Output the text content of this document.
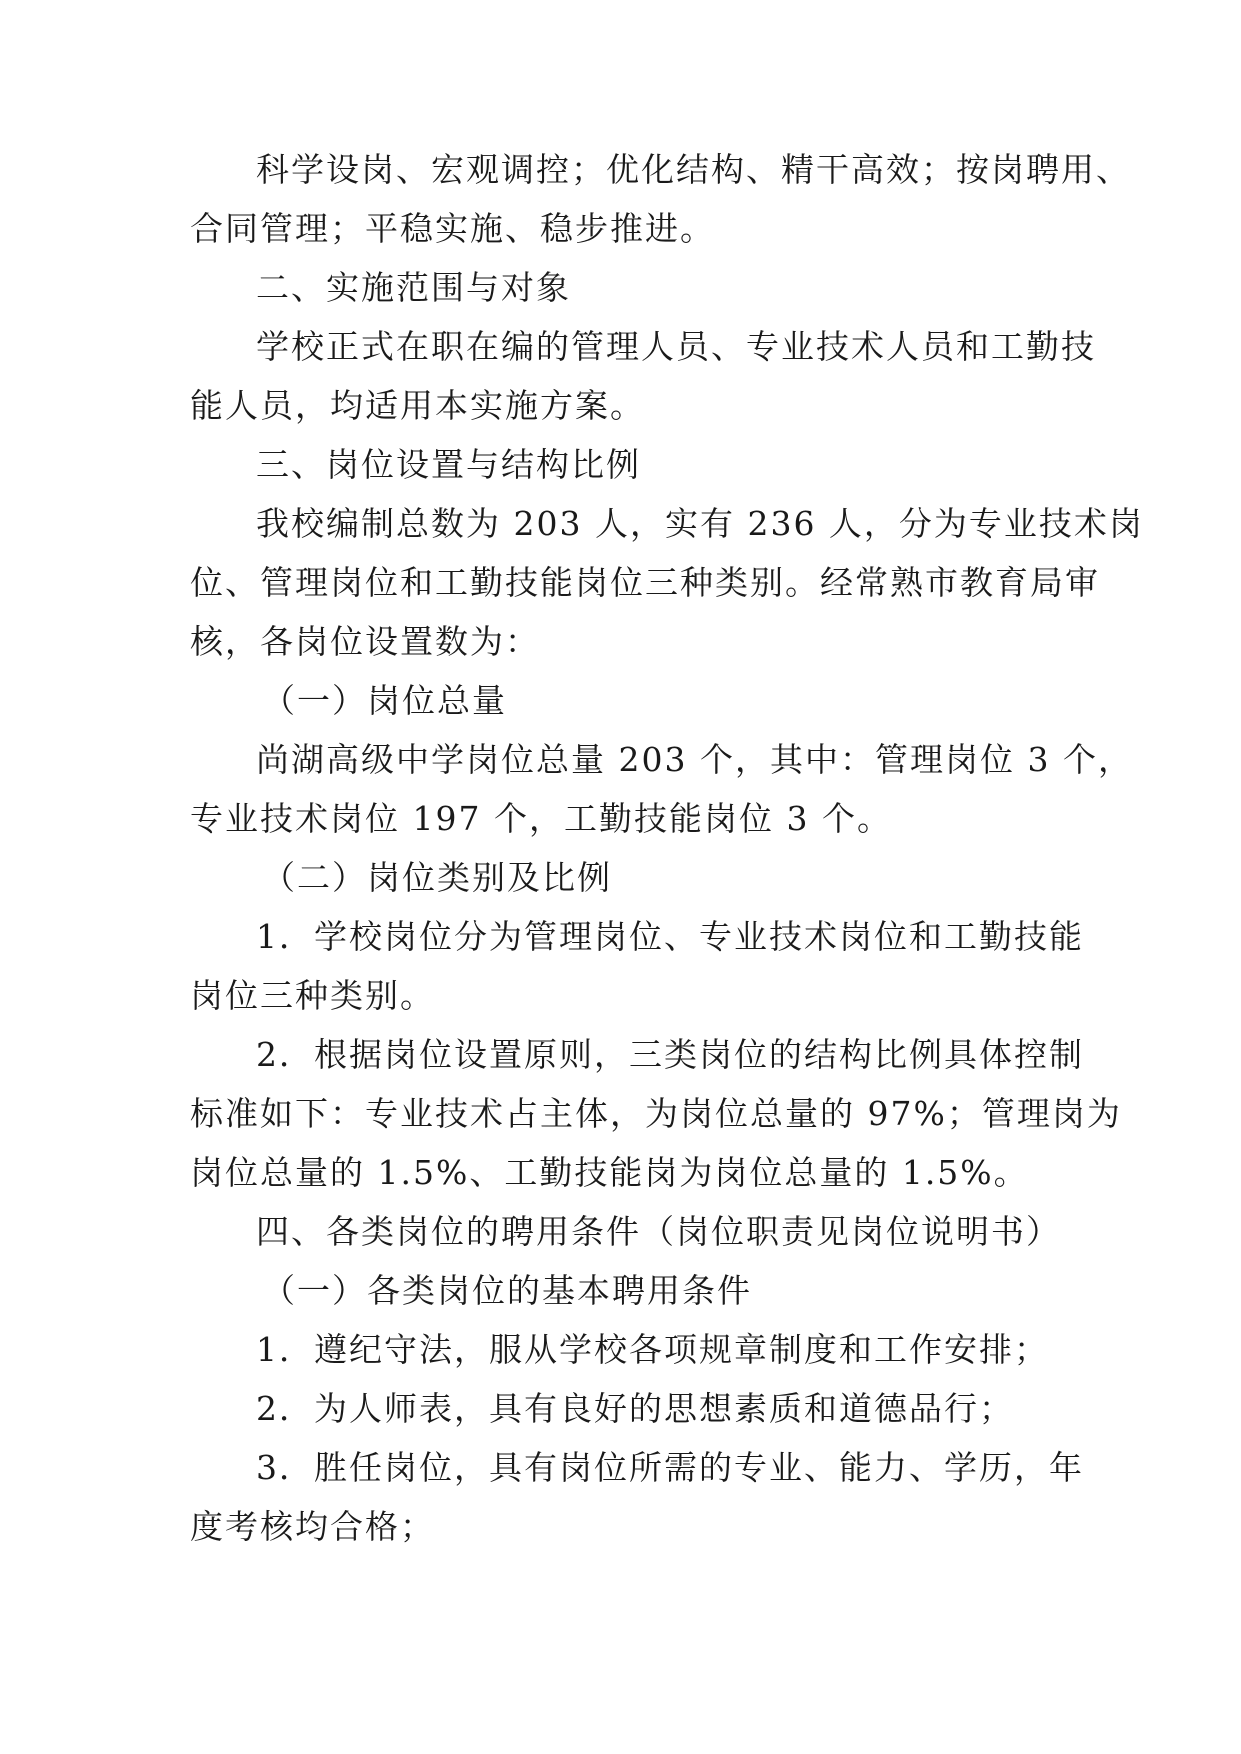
科学设岗、宏观调控；优化结构、精干高效；按岗聘用、
合同管理；平稳实施、稳步推进。
二、实施范围与对象
学校正式在职在编的管理人员、专业技术人员和工勤技
能人员，均适用本实施方案。
三、岗位设置与结构比例
我校编制总数为 203 人，实有 236 人，分为专业技术岗
位、管理岗位和工勤技能岗位三种类别。经常熟市教育局审
核，各岗位设置数为：
（一）岗位总量
尚湖高级中学岗位总量 203 个，其中：管理岗位 3 个，
专业技术岗位 197 个，工勤技能岗位 3 个。
（二）岗位类别及比例
1．学校岗位分为管理岗位、专业技术岗位和工勤技能
岗位三种类别。
2．根据岗位设置原则，三类岗位的结构比例具体控制
标准如下：专业技术占主体，为岗位总量的 97%；管理岗为
岗位总量的 1.5%、工勤技能岗为岗位总量的 1.5%。
四、各类岗位的聘用条件（岗位职责见岗位说明书）
（一）各类岗位的基本聘用条件
1．遵纪守法，服从学校各项规章制度和工作安排；
2．为人师表，具有良好的思想素质和道德品行；
3．胜任岗位，具有岗位所需的专业、能力、学历，年
度考核均合格；
